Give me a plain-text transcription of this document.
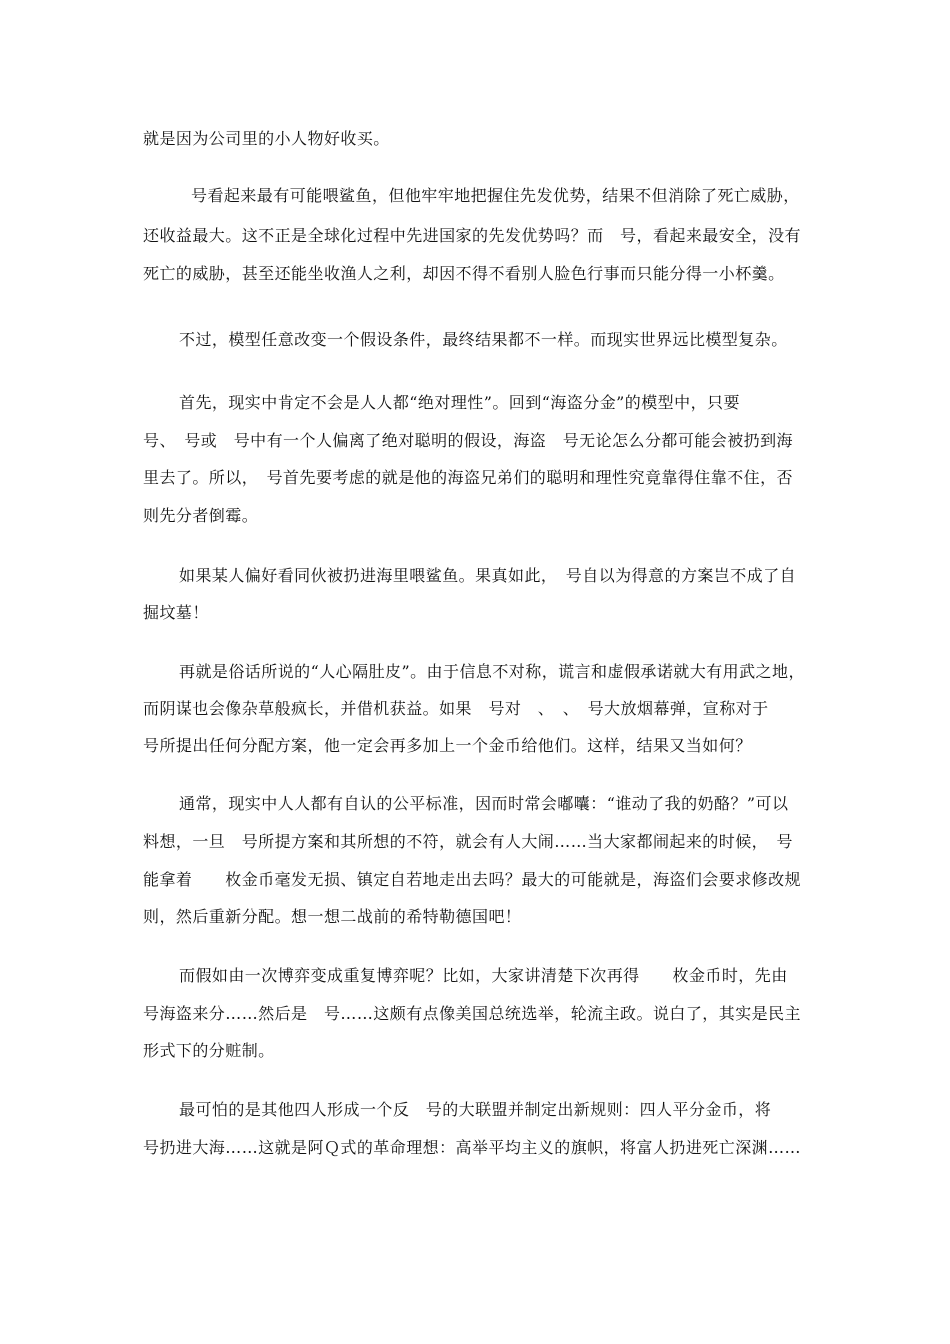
就是因为公司里的小人物好收买。
号看起来最有可能喂鲨鱼，但他牢牢地把握住先发优势，结果不但消除了死亡威胁，
还收益最大。这不正是全球化过程中先进国家的先发优势吗？而　号，看起来最安全，没有
死亡的威胁，甚至还能坐收渔人之利，却因不得不看别人脸色行事而只能分得一小杯羹。
不过，模型任意改变一个假设条件，最终结果都不一样。而现实世界远比模型复杂。
首先，现实中肯定不会是人人都“绝对理性”。回到“海盗分金”的模型中，只要
号、　号或　号中有一个人偏离了绝对聪明的假设，海盗　号无论怎么分都可能会被扔到海
里去了。所以，　号首先要考虑的就是他的海盗兄弟们的聪明和理性究竟靠得住靠不住，否
则先分者倒霉。
如果某人偏好看同伙被扔进海里喂鲨鱼。果真如此，　号自以为得意的方案岂不成了自
掘坟墓！
再就是俗话所说的“人心隔肚皮”。由于信息不对称，谎言和虚假承诺就大有用武之地，
而阴谋也会像杂草般疯长，并借机获益。如果　号对　、　、　号大放烟幕弹，宣称对于
号所提出任何分配方案，他一定会再多加上一个金币给他们。这样，结果又当如何？
通常，现实中人人都有自认的公平标准，因而时常会嘟囔：“谁动了我的奶酪？”可以
料想，一旦　号所提方案和其所想的不符，就会有人大闹……当大家都闹起来的时候，　号
能拿着　　枚金币毫发无损、镇定自若地走出去吗？最大的可能就是，海盗们会要求修改规
则，然后重新分配。想一想二战前的希特勒德国吧！
而假如由一次博弈变成重复博弈呢？比如，大家讲清楚下次再得　　枚金币时，先由
号海盗来分……然后是　号……这颇有点像美国总统选举，轮流主政。说白了，其实是民主
形式下的分赃制。
最可怕的是其他四人形成一个反　号的大联盟并制定出新规则：四人平分金币，将
号扔进大海……这就是阿Ｑ式的革命理想：高举平均主义的旗帜，将富人扔进死亡深渊……
